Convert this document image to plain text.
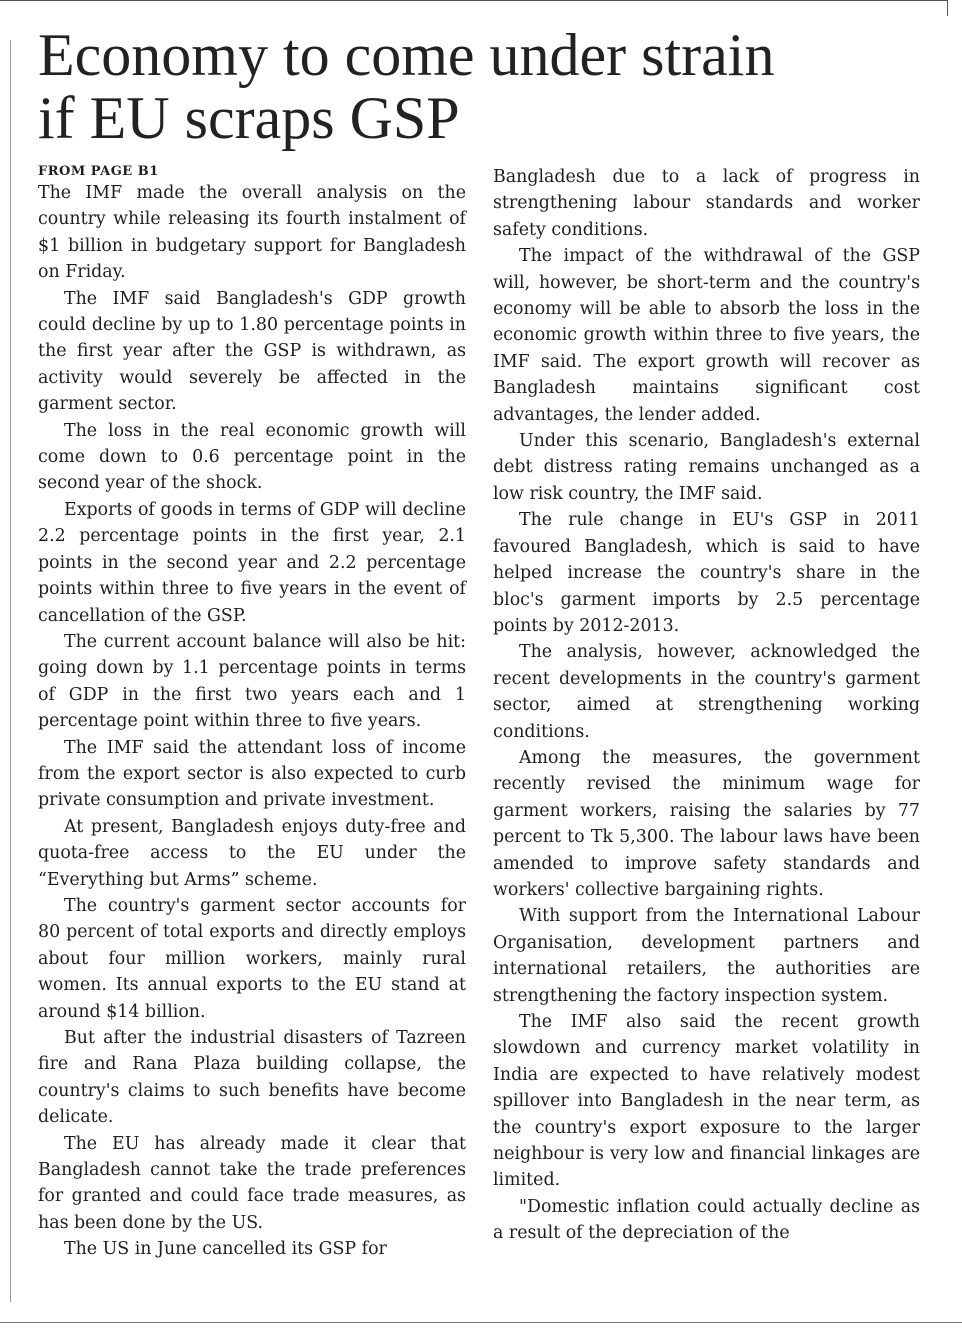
Economy to come under strain
if EU scraps GSP
FROM PAGE B1

The IMF made the overall analysis on the country while releasing its fourth instalment of $1 billion in budgetary support for Bangladesh on Friday.

The IMF said Bangladesh's GDP growth could decline by up to 1.80 percentage points in the first year after the GSP is withdrawn, as activity would severely be affected in the garment sector.

The loss in the real economic growth will come down to 0.6 percentage point in the second year of the shock.

Exports of goods in terms of GDP will decline 2.2 percentage points in the first year, 2.1 points in the second year and 2.2 percentage points within three to five years in the event of cancellation of the GSP.

The current account balance will also be hit: going down by 1.1 percentage points in terms of GDP in the first two years each and 1 percentage point within three to five years.

The IMF said the attendant loss of income from the export sector is also expected to curb private consumption and private investment.

At present, Bangladesh enjoys duty-free and quota-free access to the EU under the “Everything but Arms” scheme.

The country's garment sector accounts for 80 percent of total exports and directly employs about four million workers, mainly rural women. Its annual exports to the EU stand at around $14 billion.

But after the industrial disasters of Tazreen fire and Rana Plaza building collapse, the country's claims to such benefits have become delicate.

The EU has already made it clear that Bangladesh cannot take the trade preferences for granted and could face trade measures, as has been done by the US.

The US in June cancelled its GSP for

Bangladesh due to a lack of progress in strengthening labour standards and worker safety conditions.

The impact of the withdrawal of the GSP will, however, be short-term and the country's economy will be able to absorb the loss in the economic growth within three to five years, the IMF said. The export growth will recover as Bangladesh maintains significant cost advantages, the lender added.

Under this scenario, Bangladesh's external debt distress rating remains unchanged as a low risk country, the IMF said.

The rule change in EU's GSP in 2011 favoured Bangladesh, which is said to have helped increase the country's share in the bloc's garment imports by 2.5 percentage points by 2012-2013.

The analysis, however, acknowledged the recent developments in the country's garment sector, aimed at strengthening working conditions.

Among the measures, the government recently revised the minimum wage for garment workers, raising the salaries by 77 percent to Tk 5,300. The labour laws have been amended to improve safety standards and workers' collective bargaining rights.

With support from the International Labour Organisation, development partners and international retailers, the authorities are strengthening the factory inspection system.

The IMF also said the recent growth slowdown and currency market volatility in India are expected to have relatively modest spillover into Bangladesh in the near term, as the country's export exposure to the larger neighbour is very low and financial linkages are limited.

"Domestic inflation could actually decline as a result of the depreciation of the
